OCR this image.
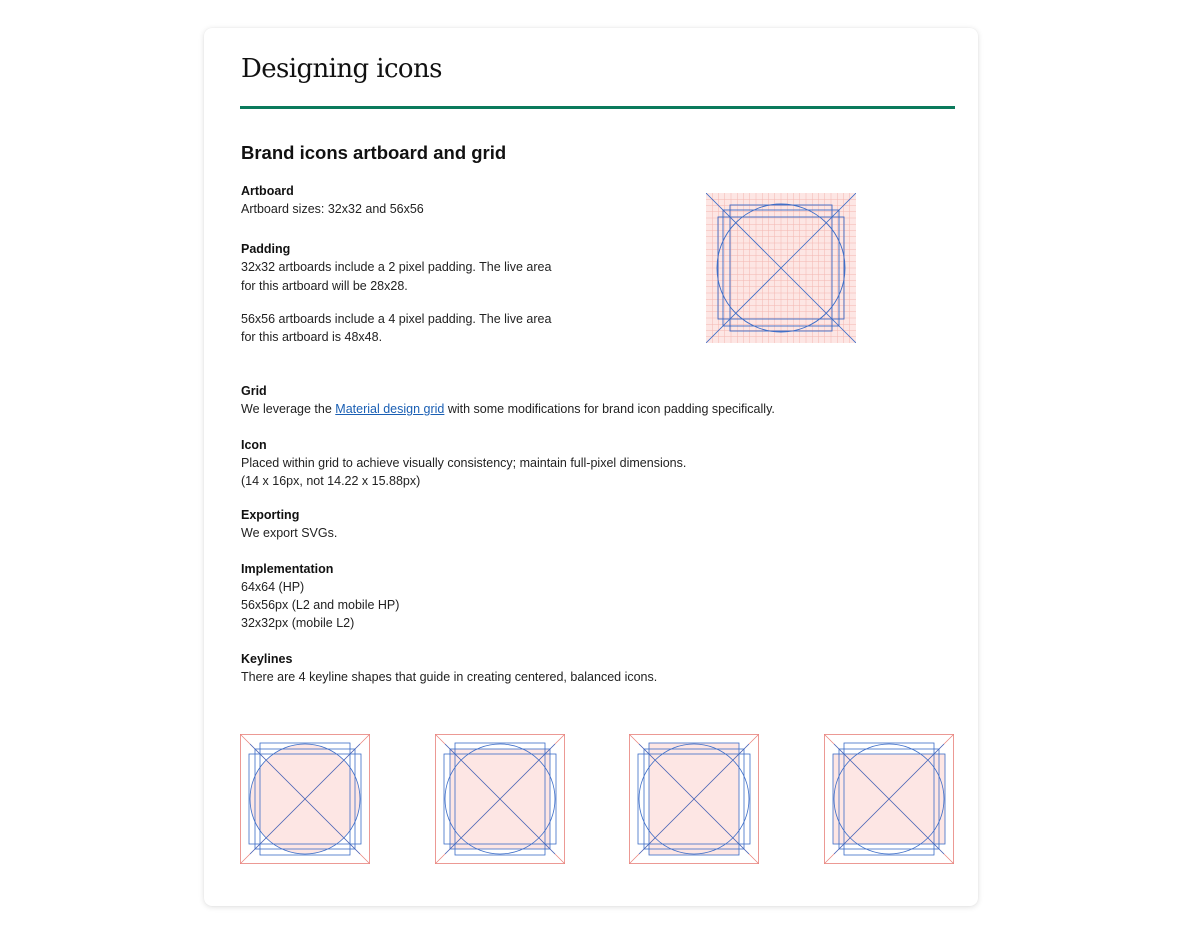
Designing icons
Brand icons artboard and grid
Artboard
Artboard sizes: 32x32 and 56x56
Padding
32x32 artboards include a 2 pixel padding. The live area
for this artboard will be 28x28.
56x56 artboards include a 4 pixel padding. The live area
for this artboard is 48x48.
Grid
We leverage the Material design grid with some modifications for brand icon padding specifically.
Icon
Placed within grid to achieve visually consistency; maintain full-pixel dimensions.
(14 x 16px, not 14.22 x 15.88px)
Exporting
We export SVGs.
Implementation
64x64 (HP)
56x56px (L2 and mobile HP)
32x32px (mobile L2)
Keylines
There are 4 keyline shapes that guide in creating centered, balanced icons.
